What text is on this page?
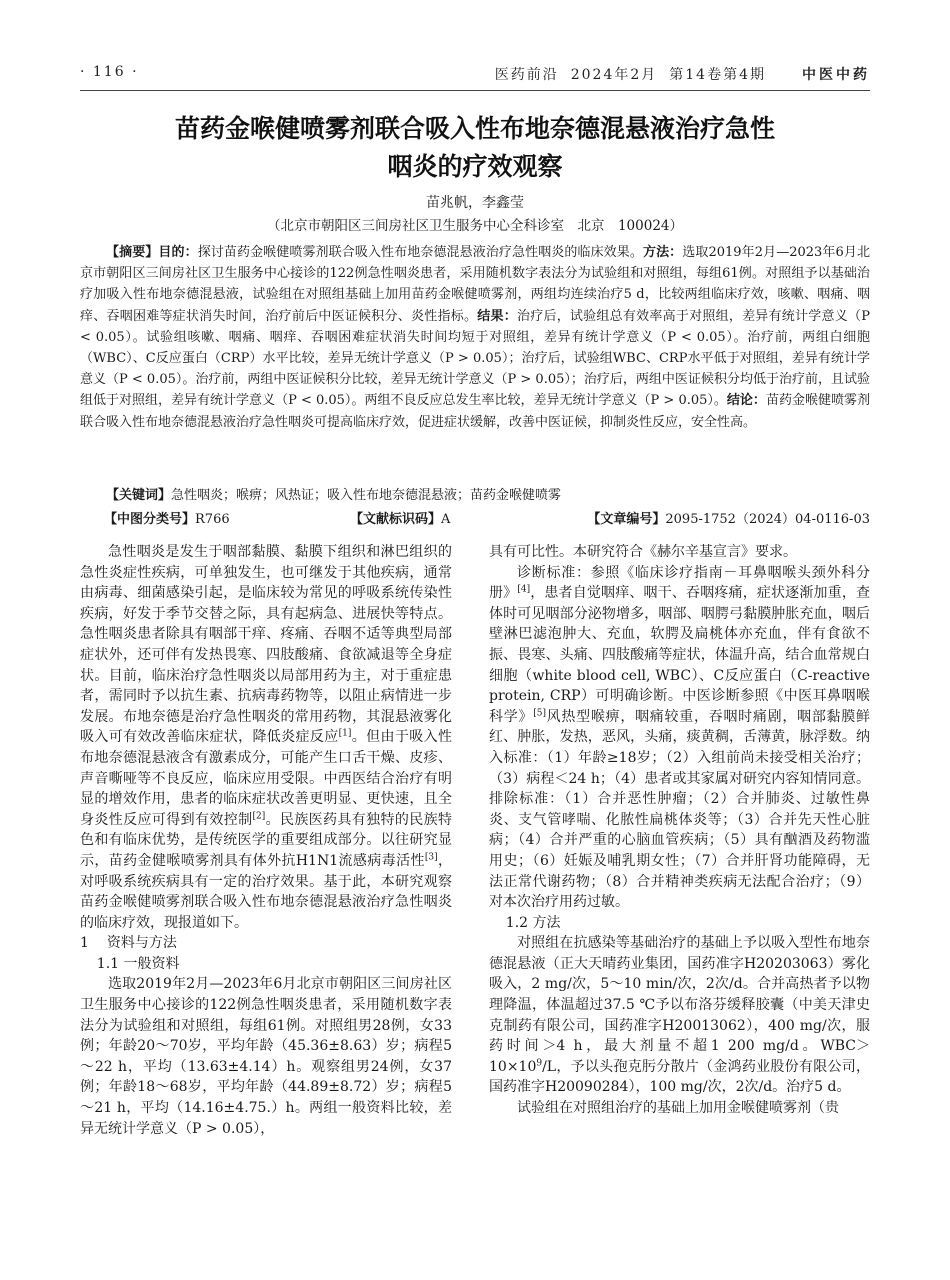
· 116 ·	医药前沿 2024年2月 第14卷第4期	中医中药
苗药金喉健喷雾剂联合吸入性布地奈德混悬液治疗急性
咽炎的疗效观察
苗兆帆，李鑫莹
（北京市朝阳区三间房社区卫生服务中心全科诊室　北京　100024）

【摘要】目的：探讨苗药金喉健喷雾剂联合吸入性布地奈德混悬液治疗急性咽炎的临床效果。方法：选取2019年2月—2023年6月北京市朝阳区三间房社区卫生服务中心接诊的122例急性咽炎患者，采用随机数字表法分为试验组和对照组，每组61例。对照组予以基础治疗加吸入性布地奈德混悬液，试验组在对照组基础上加用苗药金喉健喷雾剂，两组均连续治疗5 d，比较两组临床疗效，咳嗽、咽痛、咽痒、吞咽困难等症状消失时间，治疗前后中医证候积分、炎性指标。结果：治疗后，试验组总有效率高于对照组，差异有统计学意义（P < 0.05）。试验组咳嗽、咽痛、咽痒、吞咽困难症状消失时间均短于对照组，差异有统计学意义（P < 0.05）。治疗前，两组白细胞（WBC）、C反应蛋白（CRP）水平比较，差异无统计学意义（P > 0.05）；治疗后，试验组WBC、CRP水平低于对照组，差异有统计学意义（P < 0.05）。治疗前，两组中医证候积分比较，差异无统计学意义（P > 0.05）；治疗后，两组中医证候积分均低于治疗前，且试验组低于对照组，差异有统计学意义（P < 0.05）。两组不良反应总发生率比较，差异无统计学意义（P > 0.05）。结论：苗药金喉健喷雾剂联合吸入性布地奈德混悬液治疗急性咽炎可提高临床疗效，促进症状缓解，改善中医证候，抑制炎性反应，安全性高。

【关键词】急性咽炎；喉痹；风热证；吸入性布地奈德混悬液；苗药金喉健喷雾
【中图分类号】R766	【文献标识码】A	【文章编号】2095-1752（2024）04-0116-03

急性咽炎是发生于咽部黏膜、黏膜下组织和淋巴组织的急性炎症性疾病，可单独发生，也可继发于其他疾病，通常由病毒、细菌感染引起，是临床较为常见的呼吸系统传染性疾病，好发于季节交替之际，具有起病急、进展快等特点。急性咽炎患者除具有咽部干痒、疼痛、吞咽不适等典型局部症状外，还可伴有发热畏寒、四肢酸痛、食欲减退等全身症状。目前，临床治疗急性咽炎以局部用药为主，对于重症患者，需同时予以抗生素、抗病毒药物等，以阻止病情进一步发展。布地奈德是治疗急性咽炎的常用药物，其混悬液雾化吸入可有效改善临床症状，降低炎症反应[1]。但由于吸入性布地奈德混悬液含有激素成分，可能产生口舌干燥、皮疹、声音嘶哑等不良反应，临床应用受限。中西医结合治疗有明显的增效作用，患者的临床症状改善更明显、更快速，且全身炎性反应可得到有效控制[2]。民族医药具有独特的民族特色和有临床优势，是传统医学的重要组成部分。以往研究显示，苗药金健喉喷雾剂具有体外抗H1N1流感病毒活性[3]，对呼吸系统疾病具有一定的治疗效果。基于此，本研究观察苗药金喉健喷雾剂联合吸入性布地奈德混悬液治疗急性咽炎的临床疗效，现报道如下。

1 资料与方法

1.1 一般资料

选取2019年2月—2023年6月北京市朝阳区三间房社区卫生服务中心接诊的122例急性咽炎患者，采用随机数字表法分为试验组和对照组，每组61例。对照组男28例，女33例；年龄20～70岁，平均年龄（45.36±8.63）岁；病程5～22 h，平均（13.63±4.14）h。观察组男24例，女37例；年龄18～68岁，平均年龄（44.89±8.72）岁；病程5～21 h，平均（14.16±4.75.）h。两组一般资料比较，差异无统计学意义（P > 0.05），

具有可比性。本研究符合《赫尔辛基宣言》要求。

诊断标准：参照《临床诊疗指南－耳鼻咽喉头颈外科分册》[4]，患者自觉咽痒、咽干、吞咽疼痛，症状逐渐加重，查体时可见咽部分泌物增多，咽部、咽腭弓黏膜肿胀充血，咽后壁淋巴滤泡肿大、充血，软腭及扁桃体亦充血，伴有食欲不振、畏寒、头痛、四肢酸痛等症状，体温升高，结合血常规白细胞（white blood cell, WBC）、C反应蛋白（C-reactive protein, CRP）可明确诊断。中医诊断参照《中医耳鼻咽喉科学》[5]风热型喉痹，咽痛较重，吞咽时痛剧，咽部黏膜鲜红、肿胀，发热，恶风，头痛，痰黄稠，舌薄黄，脉浮数。纳入标准：（1）年龄≥18岁；（2）入组前尚未接受相关治疗；（3）病程＜24 h；（4）患者或其家属对研究内容知情同意。排除标准：（1）合并恶性肿瘤；（2）合并肺炎、过敏性鼻炎、支气管哮喘、化脓性扁桃体炎等；（3）合并先天性心脏病；（4）合并严重的心脑血管疾病；（5）具有酗酒及药物滥用史；（6）妊娠及哺乳期女性；（7）合并肝肾功能障碍，无法正常代谢药物；（8）合并精神类疾病无法配合治疗；（9）对本次治疗用药过敏。

1.2 方法

对照组在抗感染等基础治疗的基础上予以吸入型性布地奈德混悬液（正大天晴药业集团，国药准字H20203063）雾化吸入，2 mg/次，5～10 min/次，2次/d。合并高热者予以物理降温，体温超过37.5 ℃予以布洛芬缓释胶囊（中美天津史克制药有限公司，国药准字H20013062），400 mg/次，服药时间＞4 h，最大剂量不超1 200 mg/d。$WBC>10\times 10^9/L$，予以头孢克肟分散片（金鸿药业股份有限公司，国药准字H20090284），100 mg/次，2次/d。治疗5 d。

试验组在对照组治疗的基础上加用金喉健喷雾剂（贵
